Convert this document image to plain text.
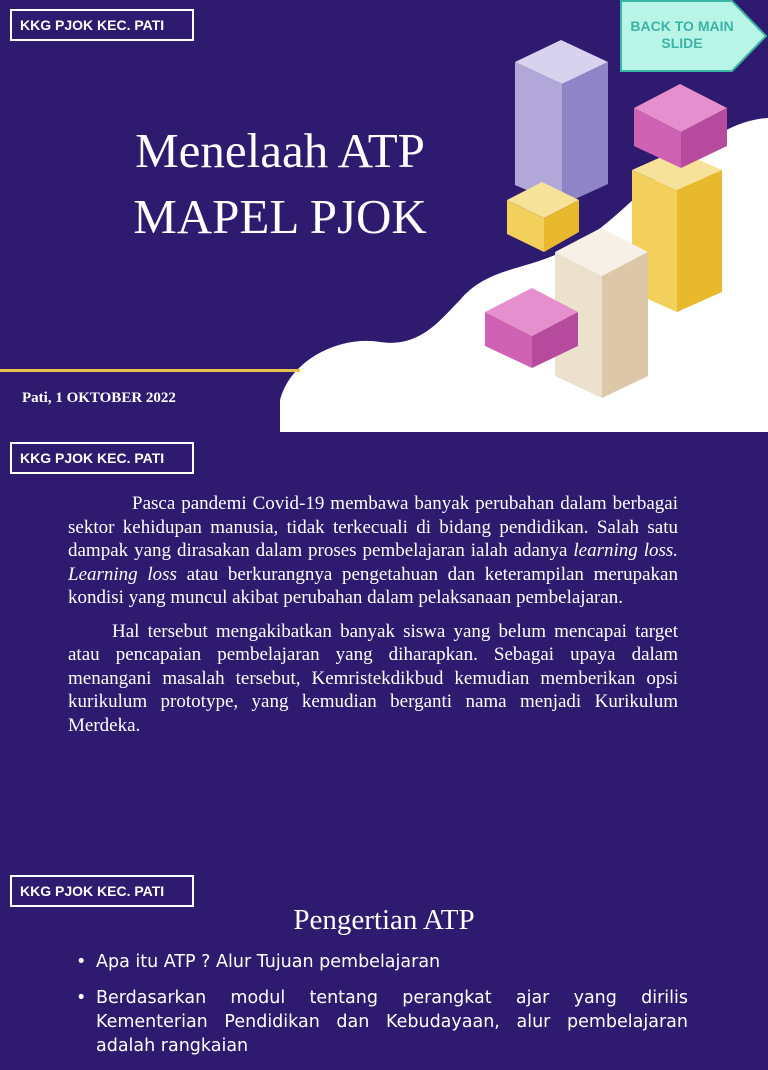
KKG PJOK KEC. PATI
Menelaah ATP
MAPEL PJOK
Pati, 1 OKTOBER 2022
BACK TO MAIN
SLIDE
KKG PJOK KEC. PATI

Pasca pandemi Covid-19 membawa banyak perubahan dalam berbagai sektor kehidupan manusia, tidak terkecuali di bidang pendidikan. Salah satu dampak yang dirasakan dalam proses pembelajaran ialah adanya learning loss. Learning loss atau berkurangnya pengetahuan dan keterampilan merupakan kondisi yang muncul akibat perubahan dalam pelaksanaan pembelajaran.

Hal tersebut mengakibatkan banyak siswa yang belum mencapai target atau pencapaian pembelajaran yang diharapkan. Sebagai upaya dalam menangani masalah tersebut, Kemristekdikbud kemudian memberikan opsi kurikulum prototype, yang kemudian berganti nama menjadi Kurikulum Merdeka.

KKG PJOK KEC. PATI
Pengertian ATP
• Apa itu ATP ? Alur Tujuan pembelajaran
• Berdasarkan modul tentang perangkat ajar yang dirilis Kementerian Pendidikan dan Kebudayaan, alur pembelajaran adalah rangkaian
